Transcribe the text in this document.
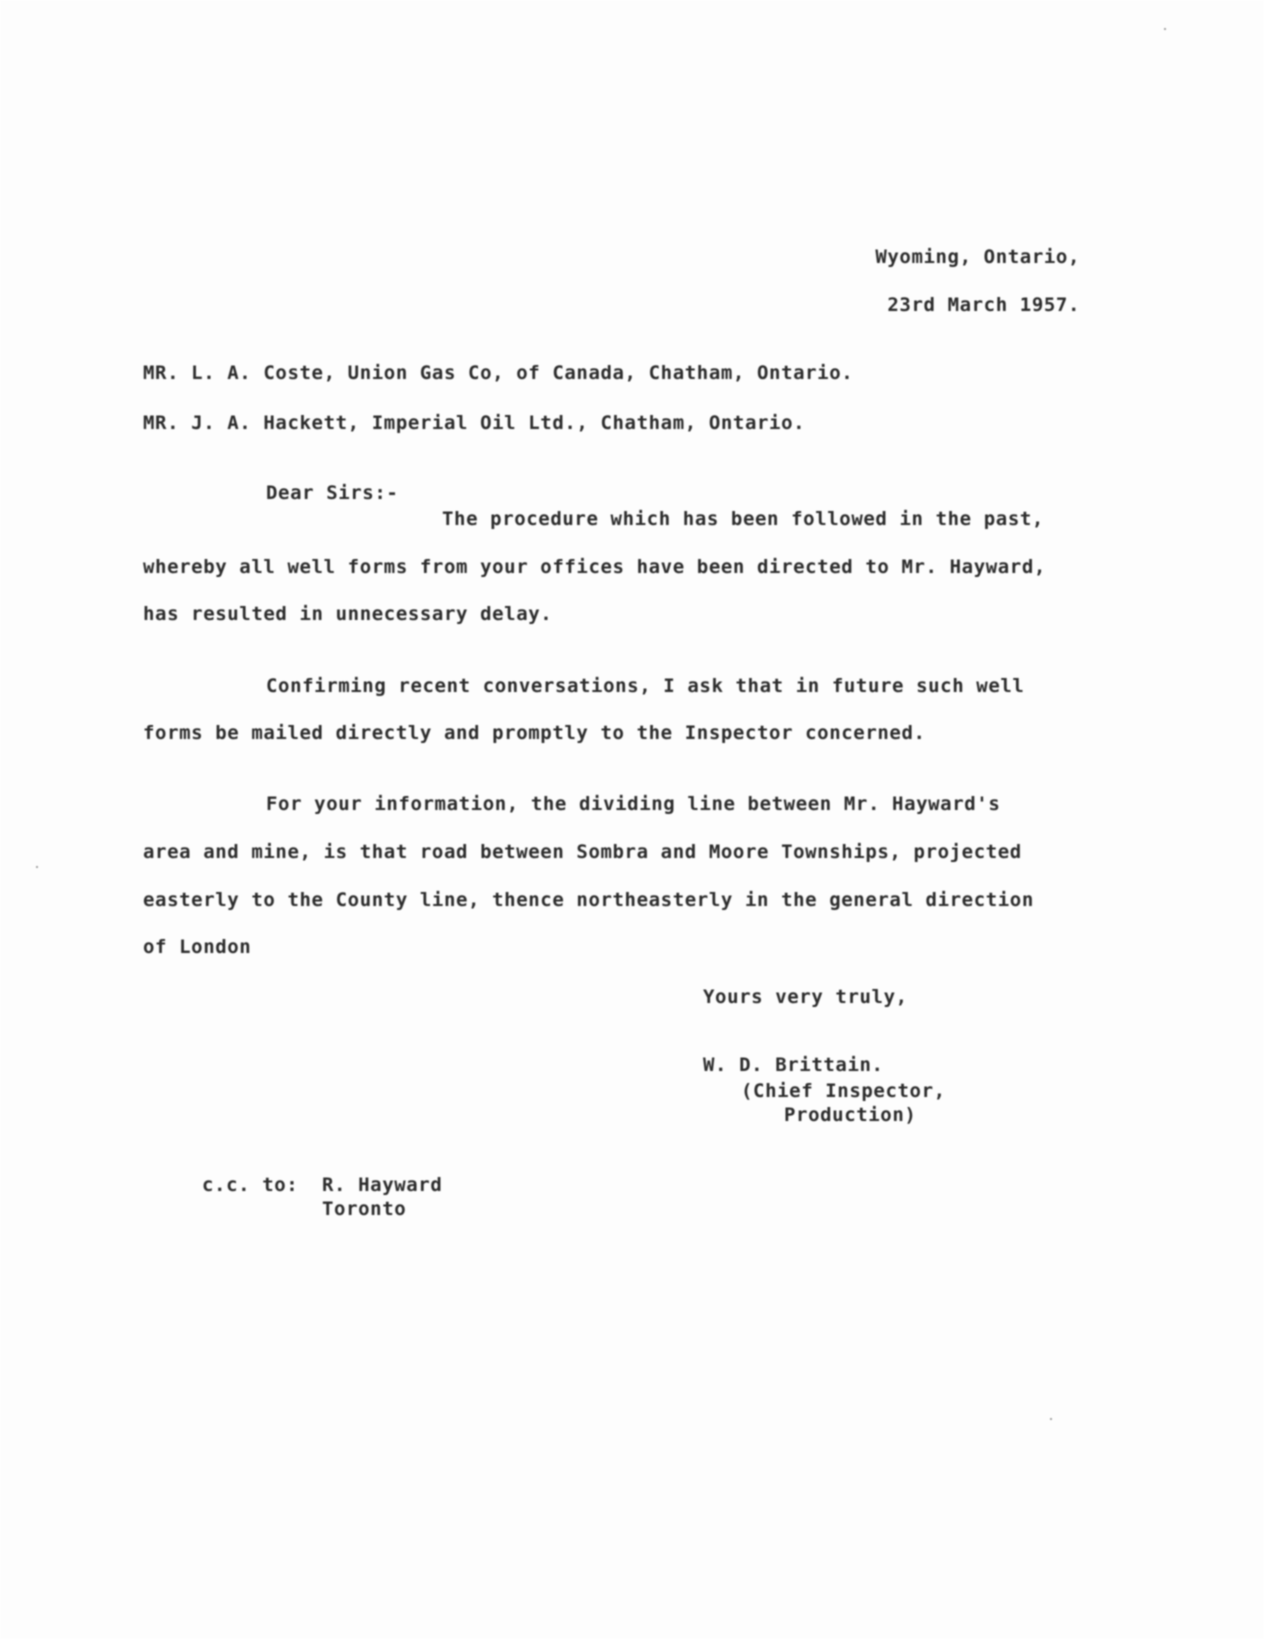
Wyoming, Ontario,
23rd March 1957.
MR. L. A. Coste, Union Gas Co, of Canada, Chatham, Ontario.
MR. J. A. Hackett, Imperial Oil Ltd., Chatham, Ontario.
Dear Sirs:-
The procedure which has been followed in the past,
whereby all well forms from your offices have been directed to Mr. Hayward,
has resulted in unnecessary delay.
Confirming recent conversations, I ask that in future such well
forms be mailed directly and promptly to the Inspector concerned.
For your information, the dividing line between Mr. Hayward's
area and mine, is that road between Sombra and Moore Townships, projected
easterly to the County line, thence northeasterly in the general direction
of London
Yours very truly,
W. D. Brittain.
(Chief Inspector,
Production)
c.c. to: R. Hayward
Toronto
